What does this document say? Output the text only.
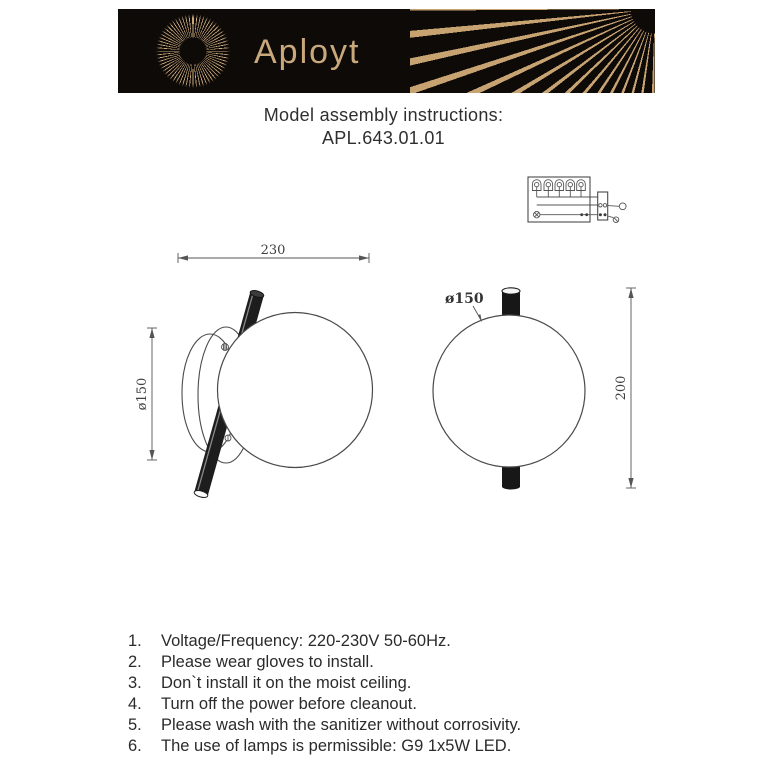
Aployt
Model assembly instructions:
APL.643.01.01
230
ø150
ø150
200
1.	Voltage/Frequency: 220-230V 50-60Hz.
2.	Please wear gloves to install.
3.	Don`t install it on the moist ceiling.
4.	Turn off the power before cleanout.
5.	Please wash with the sanitizer without corrosivity.
6.	The use of lamps is permissible: G9 1x5W LED.
